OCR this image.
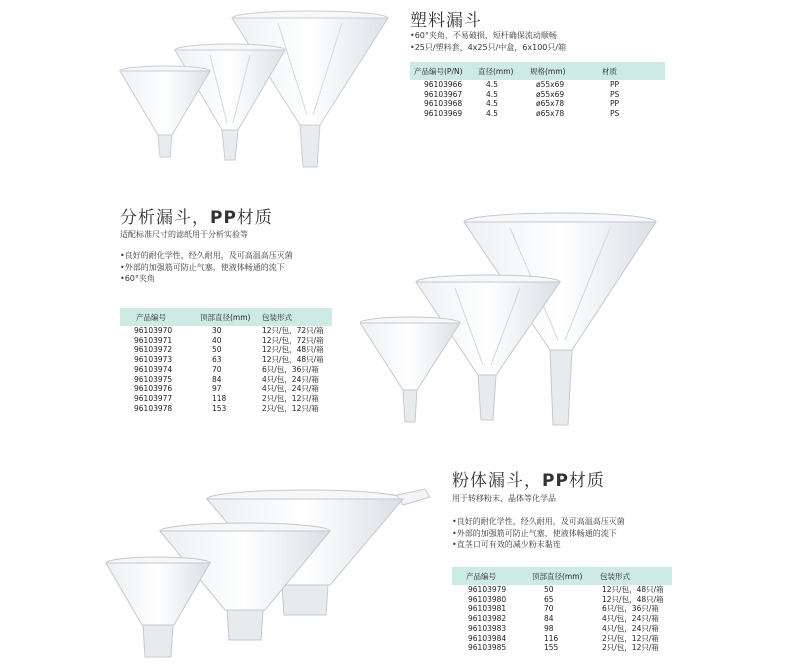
塑料漏斗
•60°夹角，不易破损，短杆确保流动顺畅
•25只/塑料套，4x25只/中盒，6x100只/箱
产品编号(P/N)	直径(mm)	规格(mm)	材质
96103966	4.5	ø55x69	PP
96103967	4.5	ø55x69	PS
96103968	4.5	ø65x78	PP
96103969	4.5	ø65x78	PS
分析漏斗，PP材质
适配标准尺寸的滤纸用于分析实验等
•良好的耐化学性，经久耐用，及可高温高压灭菌
•外部的加强筋可防止气塞，使液体畅通的流下
•60°夹角
产品编号	顶部直径(mm)	包装形式
96103970	30	12只/包，72只/箱
96103971	40	12只/包，72只/箱
96103972	50	12只/包，48只/箱
96103973	63	12只/包，48只/箱
96103974	70	6只/包，36只/箱
96103975	84	4只/包，24只/箱
96103976	97	4只/包，24只/箱
96103977	118	2只/包，12只/箱
96103978	153	2只/包，12只/箱
粉体漏斗，PP材质
用于转移粉末、晶体等化学品
•良好的耐化学性，经久耐用，及可高温高压灭菌
•外部的加强筋可防止气塞，使液体畅通的流下
•直茎口可有效的减少粉末黏连
产品编号	顶部直径(mm)	包装形式
96103979	50	12只/包，48只/箱
96103980	65	12只/包，48只/箱
96103981	70	6只/包，36只/箱
96103982	84	4只/包，24只/箱
96103983	98	4只/包，24只/箱
96103984	116	2只/包，12只/箱
96103985	155	2只/包，12只/箱
